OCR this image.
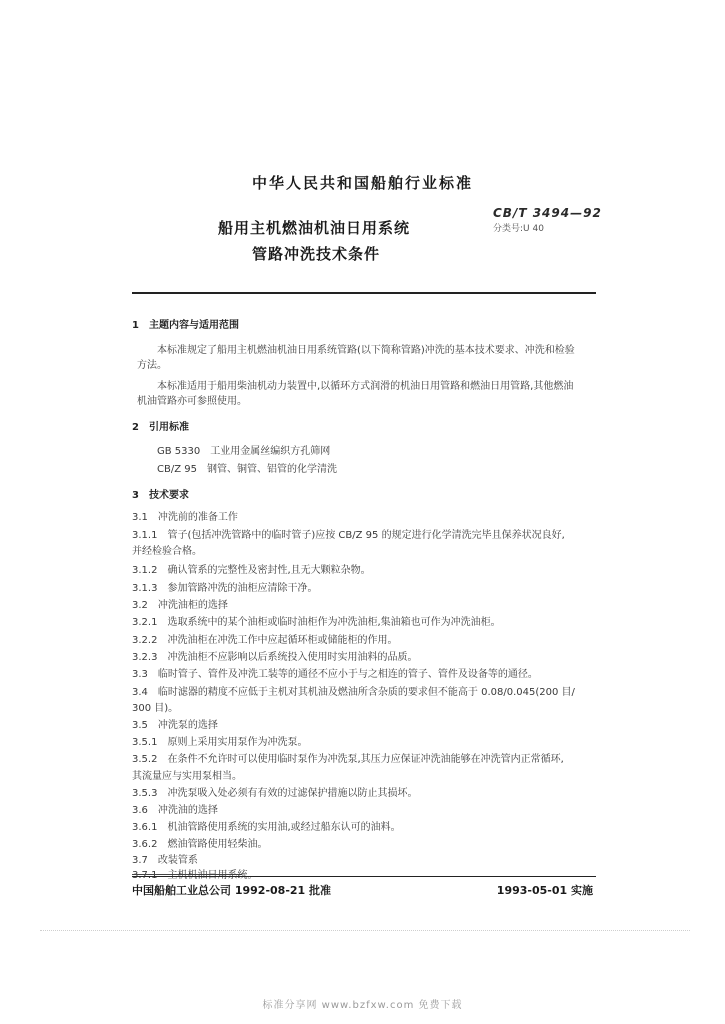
中华人民共和国船舶行业标准
CB/T 3494—92
分类号:U 40
船用主机燃油机油日用系统
管路冲洗技术条件
1　主题内容与适用范围
本标准规定了船用主机燃油机油日用系统管路(以下简称管路)冲洗的基本技术要求、冲洗和检验
方法。
本标准适用于船用柴油机动力装置中,以循环方式润滑的机油日用管路和燃油日用管路,其他燃油
机油管路亦可参照使用。
2　引用标准
GB 5330　工业用金属丝编织方孔筛网
CB/Z 95　钢管、铜管、铝管的化学清洗
3　技术要求
3.1　冲洗前的准备工作
3.1.1　管子(包括冲洗管路中的临时管子)应按 CB/Z 95 的规定进行化学清洗完毕且保养状况良好,
并经检验合格。
3.1.2　确认管系的完整性及密封性,且无大颗粒杂物。
3.1.3　参加管路冲洗的油柜应清除干净。
3.2　冲洗油柜的选择
3.2.1　选取系统中的某个油柜或临时油柜作为冲洗油柜,集油箱也可作为冲洗油柜。
3.2.2　冲洗油柜在冲洗工作中应起循环柜或储能柜的作用。
3.2.3　冲洗油柜不应影响以后系统投入使用时实用油料的品质。
3.3　临时管子、管件及冲洗工装等的通径不应小于与之相连的管子、管件及设备等的通径。
3.4　临时滤器的精度不应低于主机对其机油及燃油所含杂质的要求但不能高于 0.08/0.045(200 目/
300 目)。
3.5　冲洗泵的选择
3.5.1　原则上采用实用泵作为冲洗泵。
3.5.2　在条件不允许时可以使用临时泵作为冲洗泵,其压力应保证冲洗油能够在冲洗管内正常循环,
其流量应与实用泵相当。
3.5.3　冲洗泵吸入处必须有有效的过滤保护措施以防止其损坏。
3.6　冲洗油的选择
3.6.1　机油管路使用系统的实用油,或经过船东认可的油料。
3.6.2　燃油管路使用轻柴油。
3.7　改装管系
3.7.1　主机机油日用系统。
中国船舶工业总公司 1992-08-21 批准	1993-05-01 实施
标准分享网 www.bzfxw.com 免费下载
